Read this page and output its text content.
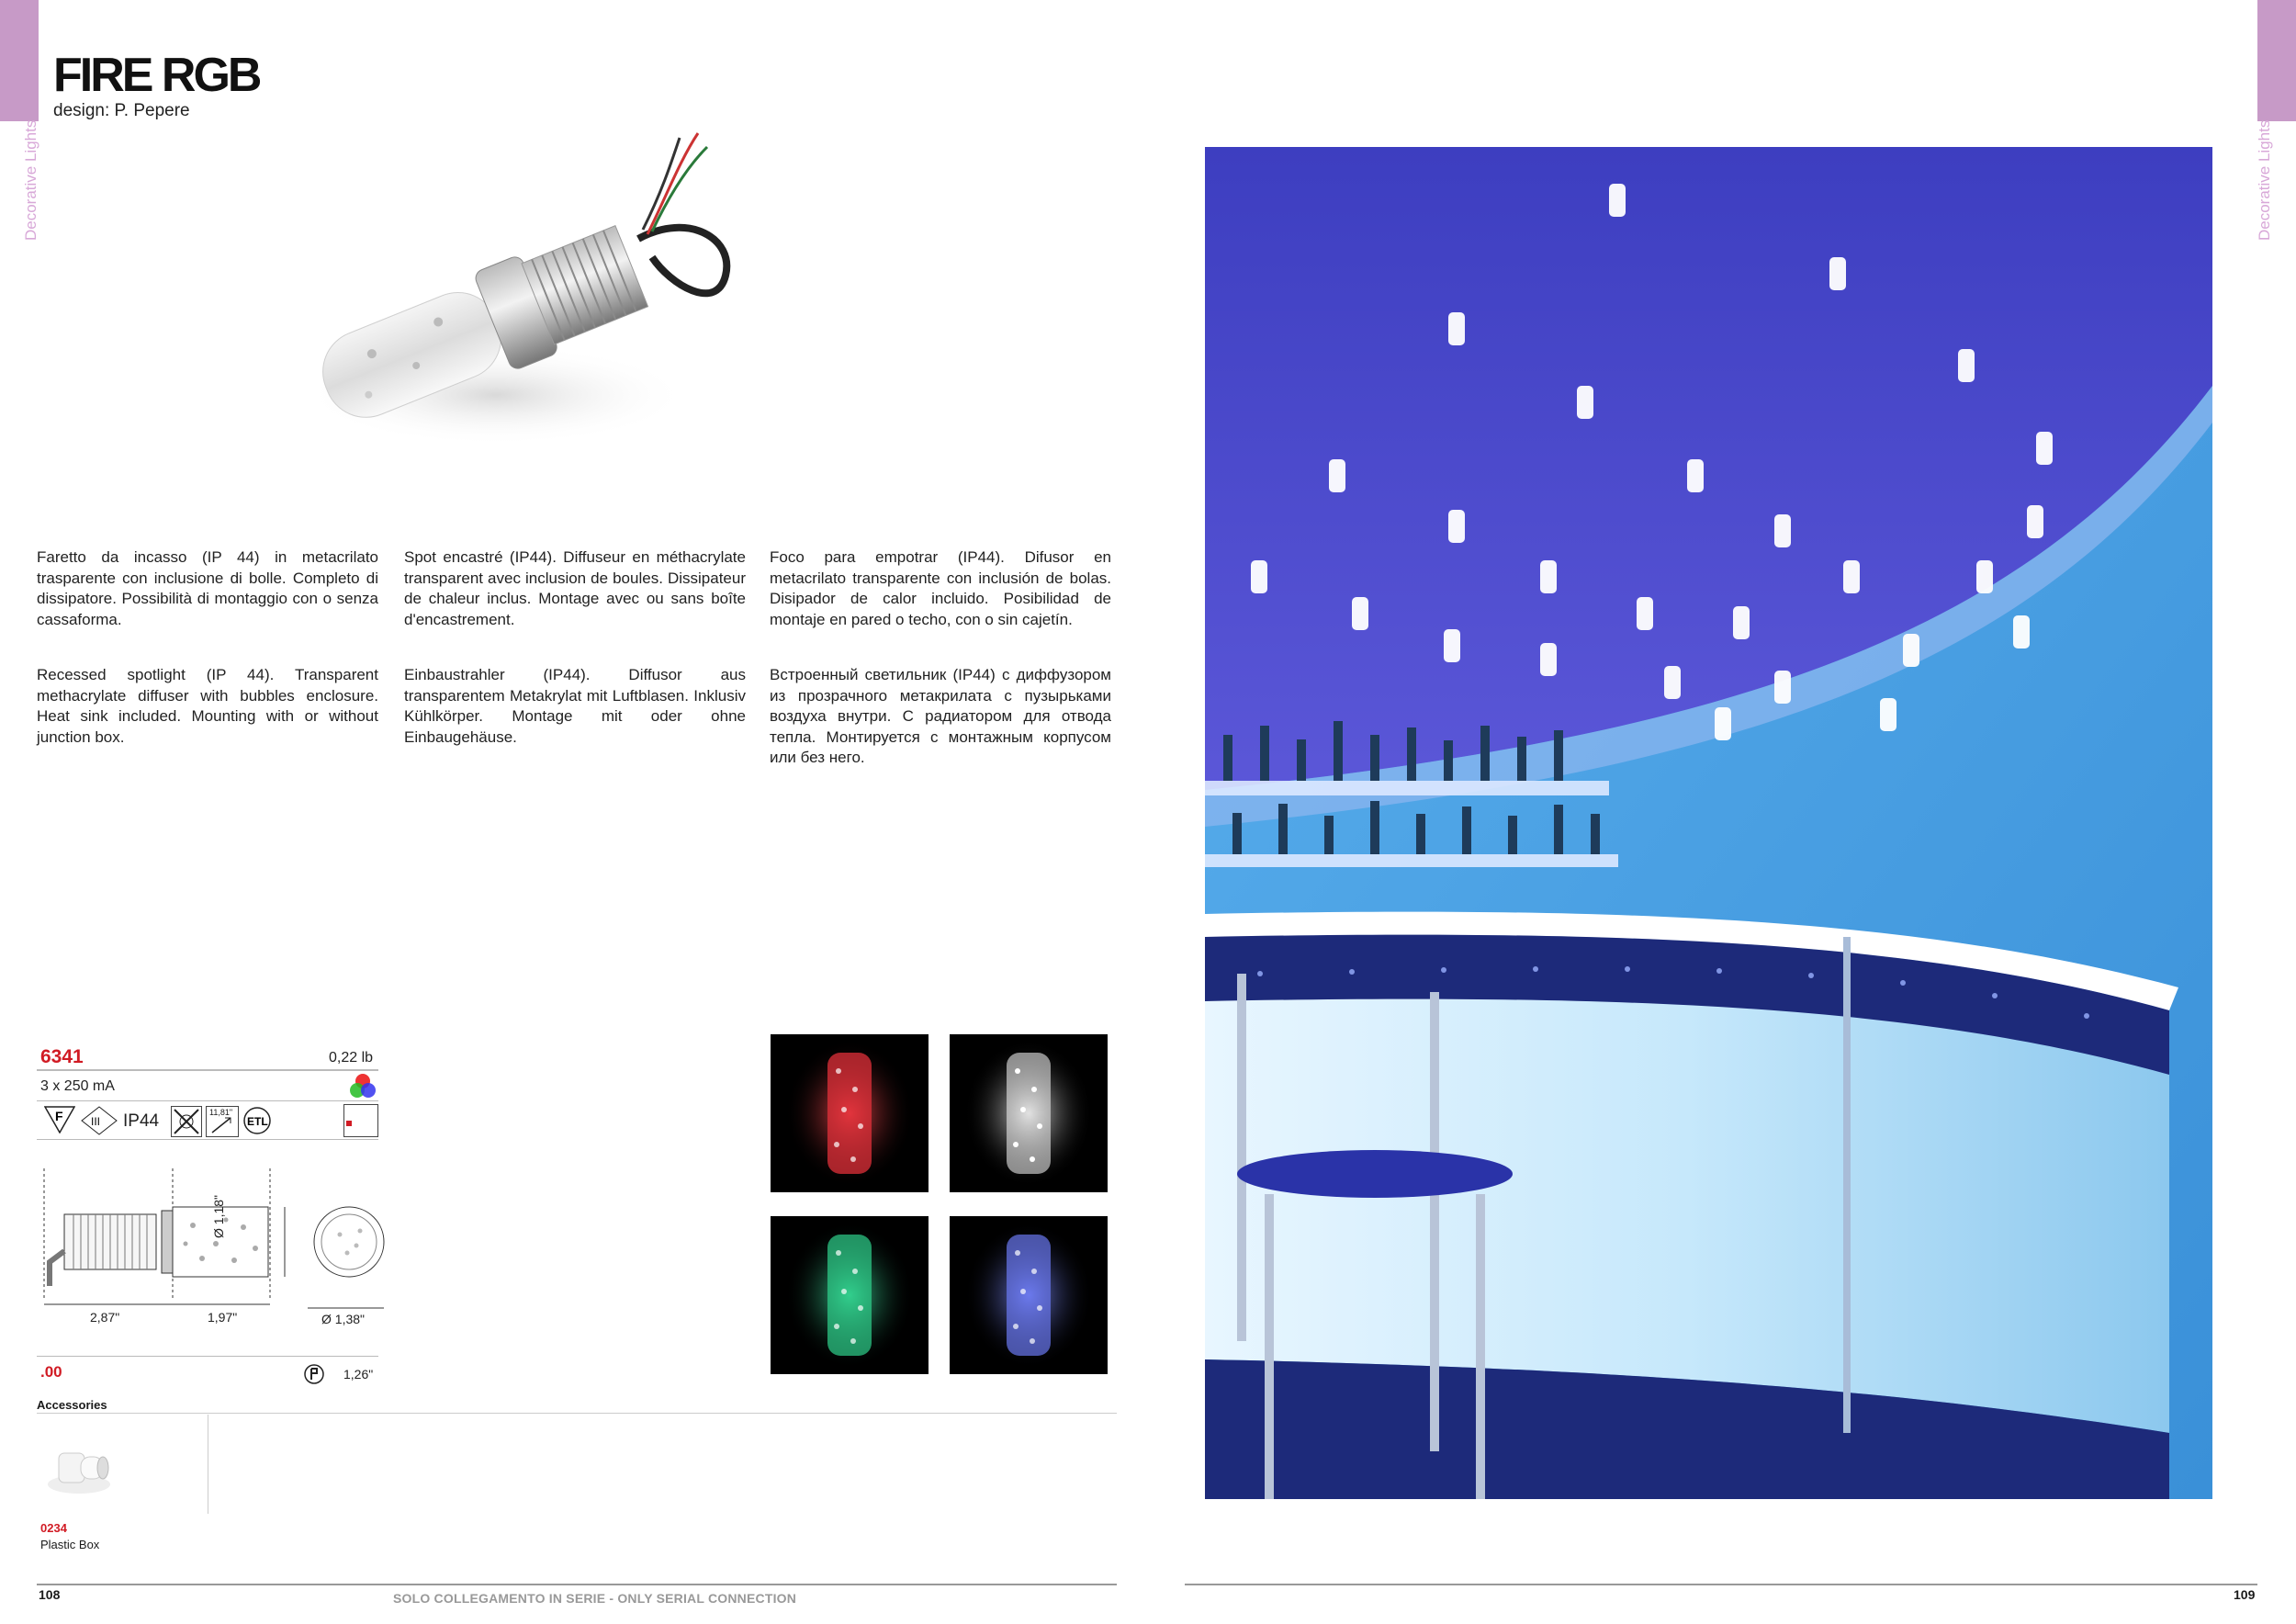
Decorative Lights	Decorative Lights
FIRE RGB
design: P. Pepere
Faretto da incasso (IP 44) in metacrilato trasparente con inclusione di bolle. Completo di dissipatore. Possibilità di montaggio con o senza cassaforma.
Spot encastré (IP44). Diffuseur en méthacrylate transparent avec inclusion de boules. Dissipateur de chaleur inclus. Montage avec ou sans boîte d'encastrement.
Foco para empotrar (IP44). Difusor en metacrilato transparente con inclusión de bolas. Disipador de calor incluido. Posibilidad de montaje en pared o techo, con o sin cajetín.
Recessed spotlight (IP 44). Transparent methacrylate diffuser with bubbles enclosure. Heat sink included. Mounting with or without junction box.
Einbaustrahler (IP44). Diffusor aus transparentem Metakrylat mit Luftblasen. Inklusiv Kühlkörper. Montage mit oder ohne Einbaugehäuse.
Встроенный светильник (IP44) с диффузором из прозрачного метакрилата с пузырьками воздуха внутри. С радиатором для отвода тепла. Монтируется с монтажным корпусом или без него.
6341	0,22 lb
3 x 250 mA
F	III IP44	11,81"
ETL
Ø 1,18"
2,87"	1,97"	Ø 1,38"
.00	1,26"
Accessories
0234
Plastic Box
108	SOLO COLLEGAMENTO IN SERIE - ONLY SERIAL CONNECTION	109
